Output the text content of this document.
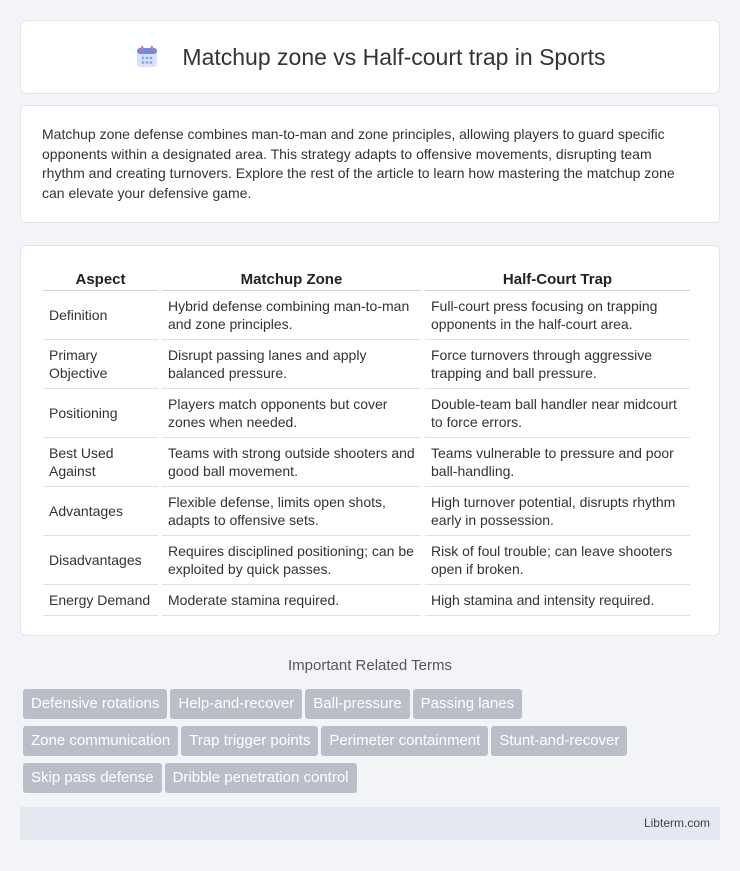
Matchup zone vs Half-court trap in Sports

Matchup zone defense combines man-to-man and zone principles, allowing players to guard specific opponents within a designated area. This strategy adapts to offensive movements, disrupting team rhythm and creating turnovers. Explore the rest of the article to learn how mastering the matchup zone can elevate your defensive game.

Aspect	Matchup Zone	Half-Court Trap
Definition	Hybrid defense combining man-to-man and zone principles.	Full-court press focusing on trapping opponents in the half-court area.
Primary Objective	Disrupt passing lanes and apply balanced pressure.	Force turnovers through aggressive trapping and ball pressure.
Positioning	Players match opponents but cover zones when needed.	Double-team ball handler near midcourt to force errors.
Best Used Against	Teams with strong outside shooters and good ball movement.	Teams vulnerable to pressure and poor ball-handling.
Advantages	Flexible defense, limits open shots, adapts to offensive sets.	High turnover potential, disrupts rhythm early in possession.
Disadvantages	Requires disciplined positioning; can be exploited by quick passes.	Risk of foul trouble; can leave shooters open if broken.
Energy Demand	Moderate stamina required.	High stamina and intensity required.
Important Related Terms
Defensive rotations Help-and-recover Ball-pressure Passing lanes
Zone communication Trap trigger points Perimeter containment Stunt-and-recover
Skip pass defense Dribble penetration control
Libterm.com
